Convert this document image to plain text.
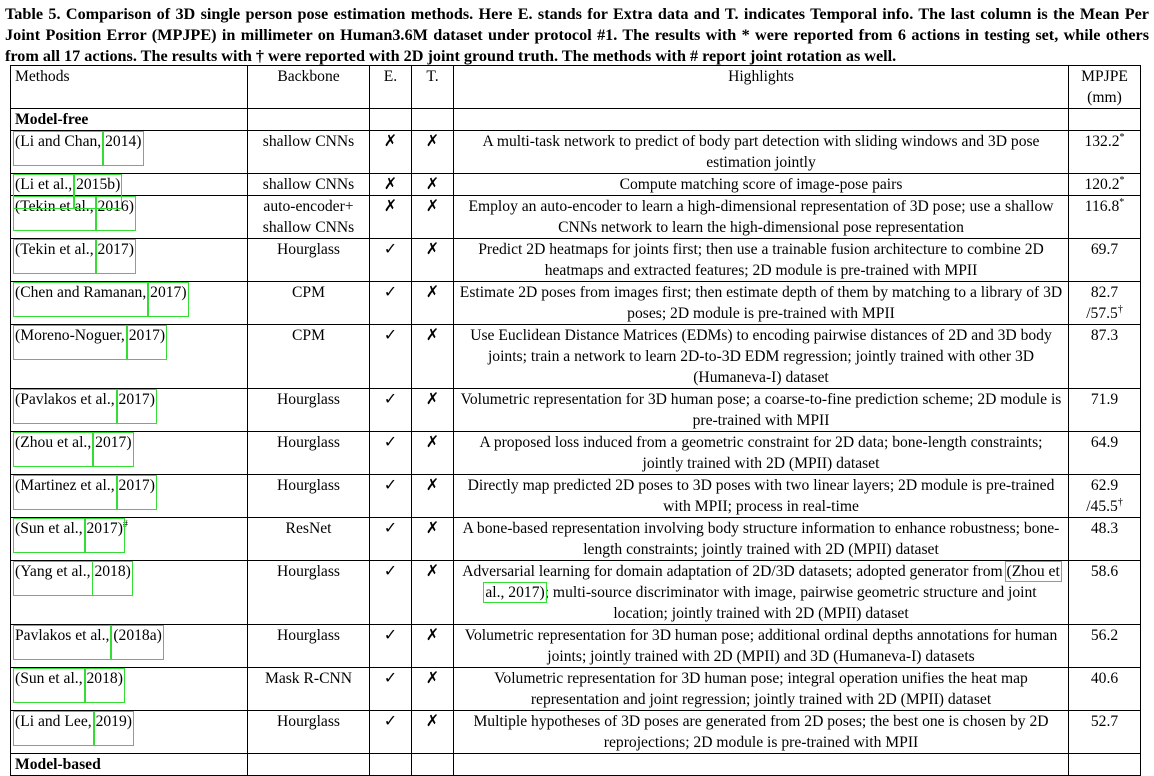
Table 5. Comparison of 3D single person pose estimation methods. Here E. stands for Extra data and T. indicates Temporal info. The last column is the Mean Per Joint Position Error (MPJPE) in millimeter on Human3.6M dataset under protocol #1. The results with * were reported from 6 actions in testing set, while others from all 17 actions. The results with † were reported with 2D joint ground truth. The methods with # report joint rotation as well.
Methods	Backbone	E.	T.	Highlights	MPJPE
(mm)
Model-free					
(Li and Chan, 2014)	shallow CNNs	✗	✗	A multi-task network to predict of body part detection with sliding windows and 3D pose estimation jointly	132.2*
(Li et al., 2015b)	shallow CNNs	✗	✗	Compute matching score of image-pose pairs	120.2*
(Tekin et al., 2016)	auto-encoder+ shallow CNNs	✗	✗	Employ an auto-encoder to learn a high-dimensional representation of 3D pose; use a shallow CNNs network to learn the high-dimensional pose representation	116.8*
(Tekin et al., 2017)	Hourglass	✓	✗	Predict 2D heatmaps for joints first; then use a trainable fusion architecture to combine 2D heatmaps and extracted features; 2D module is pre-trained with MPII	69.7
(Chen and Ramanan, 2017)	CPM	✓	✗	Estimate 2D poses from images first; then estimate depth of them by matching to a library of 3D poses; 2D module is pre-trained with MPII	82.7
/57.5†
(Moreno-Noguer, 2017)	CPM	✓	✗	Use Euclidean Distance Matrices (EDMs) to encoding pairwise distances of 2D and 3D body joints; train a network to learn 2D-to-3D EDM regression; jointly trained with other 3D (Humaneva-I) dataset	87.3
(Pavlakos et al., 2017)	Hourglass	✓	✗	Volumetric representation for 3D human pose; a coarse-to-fine prediction scheme; 2D module is pre-trained with MPII	71.9
(Zhou et al., 2017)	Hourglass	✓	✗	A proposed loss induced from a geometric constraint for 2D data; bone-length constraints; jointly trained with 2D (MPII) dataset	64.9
(Martinez et al., 2017)	Hourglass	✓	✗	Directly map predicted 2D poses to 3D poses with two linear layers; 2D module is pre-trained with MPII; process in real-time	62.9
/45.5†
(Sun et al., 2017)#	ResNet	✓	✗	A bone-based representation involving body structure information to enhance robustness; bone-length constraints; jointly trained with 2D (MPII) dataset	48.3
(Yang et al., 2018)	Hourglass	✓	✗	Adversarial learning for domain adaptation of 2D/3D datasets; adopted generator from (Zhou et al., 2017); multi-source discriminator with image, pairwise geometric structure and joint location; jointly trained with 2D (MPII) dataset	58.6
Pavlakos et al., (2018a)	Hourglass	✓	✗	Volumetric representation for 3D human pose; additional ordinal depths annotations for human joints; jointly trained with 2D (MPII) and 3D (Humaneva-I) datasets	56.2
(Sun et al., 2018)	Mask R-CNN	✓	✗	Volumetric representation for 3D human pose; integral operation unifies the heat map representation and joint regression; jointly trained with 2D (MPII) dataset	40.6
(Li and Lee, 2019)	Hourglass	✓	✗	Multiple hypotheses of 3D poses are generated from 2D poses; the best one is chosen by 2D reprojections; 2D module is pre-trained with MPII	52.7
Model-based					
